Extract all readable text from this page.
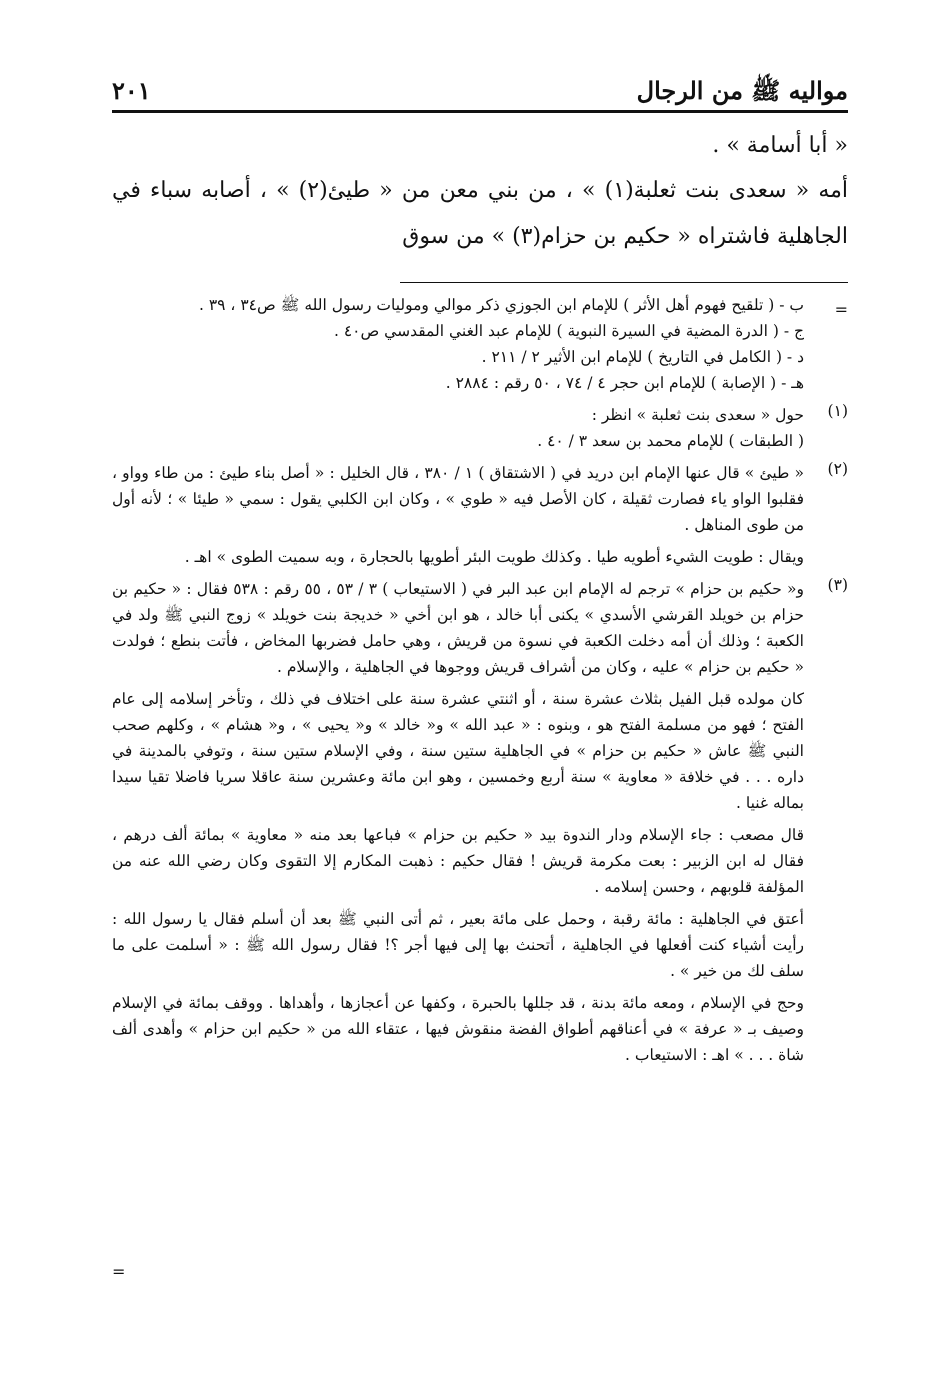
مواليه ﷺ من الرجال
٢٠١

« أبا أسامة » .

أمه « سعدى بنت ثعلبة(١) » ، من بني معن من « طيئ(٢) » ، أصابه سباء في الجاهلية فاشتراه « حكيم بن حزام(٣) » من سوق

=

ب - ( تلقيح فهوم أهل الأثر ) للإمام ابن الجوزي ذكر موالي ومولیات رسول الله ﷺ ص٣٤ ، ٣٩ .

ج - ( الدرة المضية في السيرة النبوية ) للإمام عبد الغني المقدسي ص٤٠ .

د - ( الكامل في التاريخ ) للإمام ابن الأثير ٢ / ٢١١ .

هـ - ( الإصابة ) للإمام ابن حجر ٤ / ٧٤ ، ٥٠ رقم : ٢٨٨٤ .

(١)

حول « سعدى بنت ثعلبة » انظر :

( الطبقات ) للإمام محمد بن سعد ٣ / ٤٠ .

(٢)

« طيئ » قال عنها الإمام ابن دريد في ( الاشتقاق ) ١ / ٣٨٠ ، قال الخليل : « أصل بناء طيئ : من طاء وواو ، فقلبوا الواو ياء فصارت ثقيلة ، كان الأصل فيه « طوي » ، وكان ابن الكلبي يقول : سمي « طيئا » ؛ لأنه أول من طوى المناهل .

ويقال : طويت الشيء أطويه طيا . وكذلك طويت البئر أطويها بالحجارة ، وبه سميت الطوى » اهـ .

(٣)

و« حكيم بن حزام » ترجم له الإمام ابن عبد البر في ( الاستيعاب ) ٣ / ٥٣ ، ٥٥ رقم : ٥٣٨ فقال : « حكيم بن حزام بن خويلد القرشي الأسدي » يكنى أبا خالد ، هو ابن أخي « خديجة بنت خويلد » زوج النبي ﷺ ولد في الكعبة ؛ وذلك أن أمه دخلت الكعبة في نسوة من قريش ، وهي حامل فضربها المخاض ، فأتت بنطع ؛ فولدت « حكيم بن حزام » عليه ، وكان من أشراف قريش ووجوها في الجاهلية ، والإسلام .

كان مولده قبل الفيل بثلاث عشرة سنة ، أو اثنتي عشرة سنة على اختلاف في ذلك ، وتأخر إسلامه إلى عام الفتح ؛ فهو من مسلمة الفتح هو ، وبنوه : « عبد الله » و« خالد » و« يحيى » ، و« هشام » ، وكلهم صحب النبي ﷺ عاش « حكيم بن حزام » في الجاهلية ستين سنة ، وفي الإسلام ستين سنة ، وتوفي بالمدينة في داره . . . في خلافة « معاوية » سنة أربع وخمسين ، وهو ابن مائة وعشرين سنة عاقلا سريا فاضلا تقيا سيدا بماله غنيا .

قال مصعب : جاء الإسلام ودار الندوة بيد « حكيم بن حزام » فباعها بعد منه « معاوية » بمائة ألف درهم ، فقال له ابن الزبير : بعت مكرمة قريش ! فقال حكيم : ذهبت المكارم إلا التقوى وكان رضي الله عنه من المؤلفة قلوبهم ، وحسن إسلامه .

أعتق في الجاهلية : مائة رقبة ، وحمل على مائة بعير ، ثم أتى النبي ﷺ بعد أن أسلم فقال يا رسول الله : رأيت أشياء كنت أفعلها في الجاهلية ، أتحنث بها إلى فيها أجر ؟! فقال رسول الله ﷺ : « أسلمت على ما سلف لك من خير » .

وحج في الإسلام ، ومعه مائة بدنة ، قد جللها بالحبرة ، وكفها عن أعجازها ، وأهداها . ووقف بمائة في الإسلام وصيف بـ « عرفة » في أعناقهم أطواق الفضة منقوش فيها ، عتقاء الله من « حكيم ابن حزام » وأهدى ألف شاة . . . » اهـ : الاستيعاب .

=
